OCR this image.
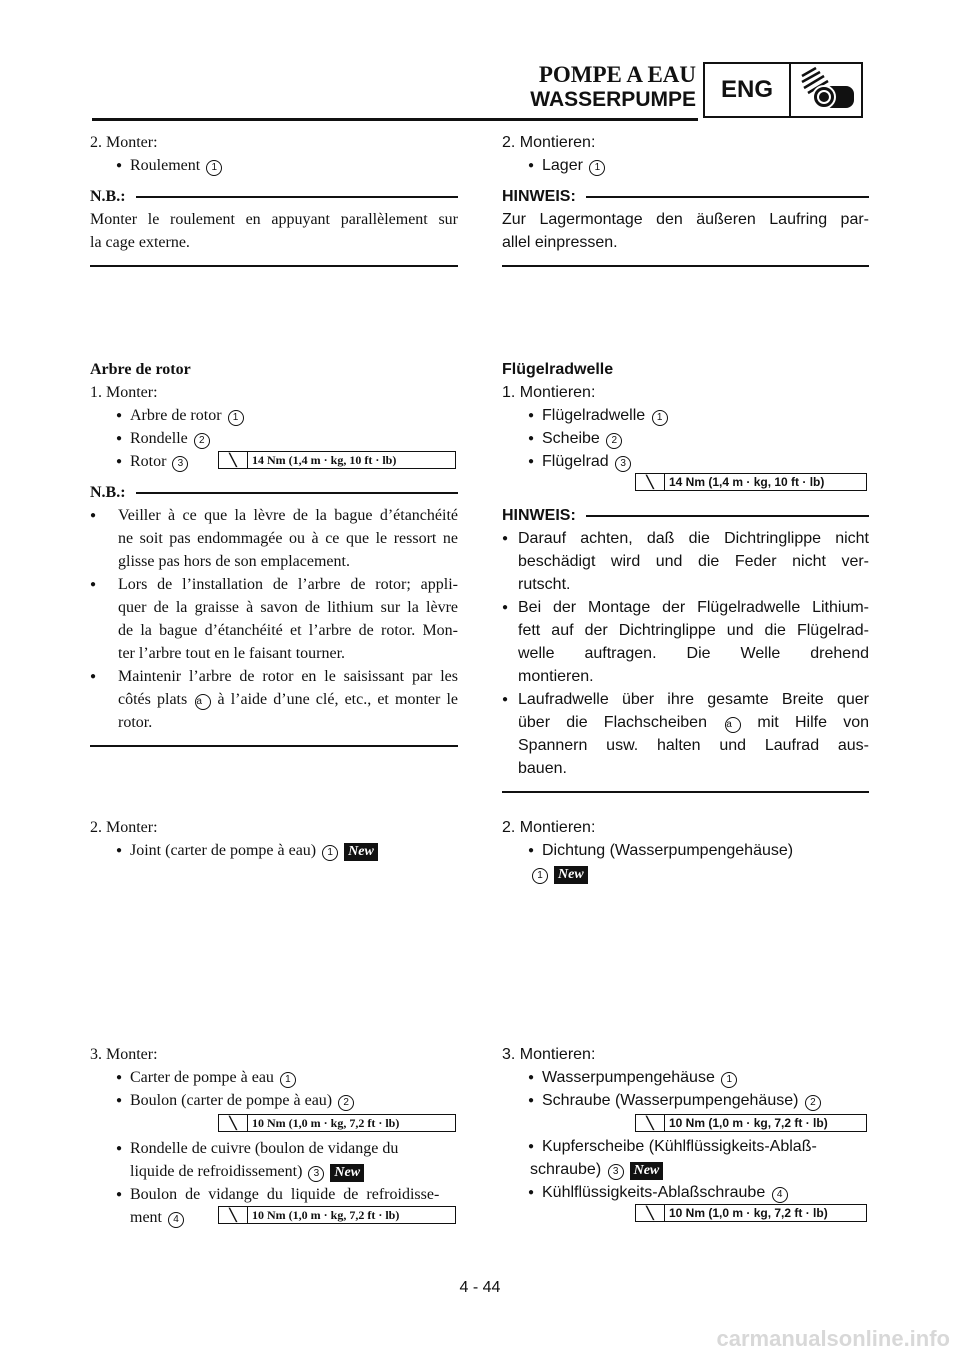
POMPE A EAU
WASSERPUMPE	ENG
2. Monter:
● Roulement 1
N.B.:
Monter le roulement en appuyant parallèlement sur
la cage externe.
Arbre de rotor
1. Monter:
● Arbre de rotor 1
● Rondelle 2
● Rotor 3
N.B.:
●	Veiller à ce que la lèvre de la bague d’étanchéité
ne soit pas endommagée ou à ce que le ressort ne
glisse pas hors de son emplacement.
●	Lors de l’installation de l’arbre de rotor; appli-
quer de la graisse à savon de lithium sur la lèvre
de la bague d’étanchéité et l’arbre de rotor. Mon-
ter l’arbre tout en le faisant tourner.
●	Maintenir l’arbre de rotor en le saisissant par les
côtés plats a à l’aide d’une clé, etc., et monter le
rotor.
╲	14 Nm (1,4 m · kg, 10 ft · lb)
2. Monter:
● Joint (carter de pompe à eau) 1 New
3. Monter:
● Carter de pompe à eau 1
● Boulon (carter de pompe à eau) 2
● Rondelle de cuivre (boulon de vidange du
liquide de refroidissement) 3 New
● Boulon  de  vidange  du  liquide  de  refroidisse-
ment 4
╲	10 Nm (1,0 m · kg, 7,2 ft · lb)
╲	10 Nm (1,0 m · kg, 7,2 ft · lb)
2. Montieren:
● Lager 1
HINWEIS:
Zur Lagermontage den äußeren Laufring par-
allel einpressen.
Flügelradwelle
1. Montieren:
● Flügelradwelle 1
● Scheibe 2
● Flügelrad 3
HINWEIS:
● Darauf achten, daß die Dichtringlippe nicht
beschädigt wird und die Feder nicht ver-
rutscht.
● Bei der Montage der Flügelradwelle Lithium-
fett auf der Dichtringlippe und die Flügelrad-
welle auftragen. Die Welle drehend
montieren.
● Laufradwelle über ihre gesamte Breite quer
über die Flachscheiben a mit Hilfe von
Spannern usw. halten und Laufrad aus-
bauen.
╲	14 Nm (1,4 m · kg, 10 ft · lb)
2. Montieren:
● Dichtung (Wasserpumpengehäuse)
1 New
3. Montieren:
● Wasserpumpengehäuse 1
● Schraube (Wasserpumpengehäuse) 2
● Kupferscheibe (Kühlflüssigkeits-Ablaß-
schraube) 3 New
● Kühlflüssigkeits-Ablaßschraube 4
╲	10 Nm (1,0 m · kg, 7,2 ft · lb)
╲	10 Nm (1,0 m · kg, 7,2 ft · lb)
4 - 44
carmanualsonline.info
